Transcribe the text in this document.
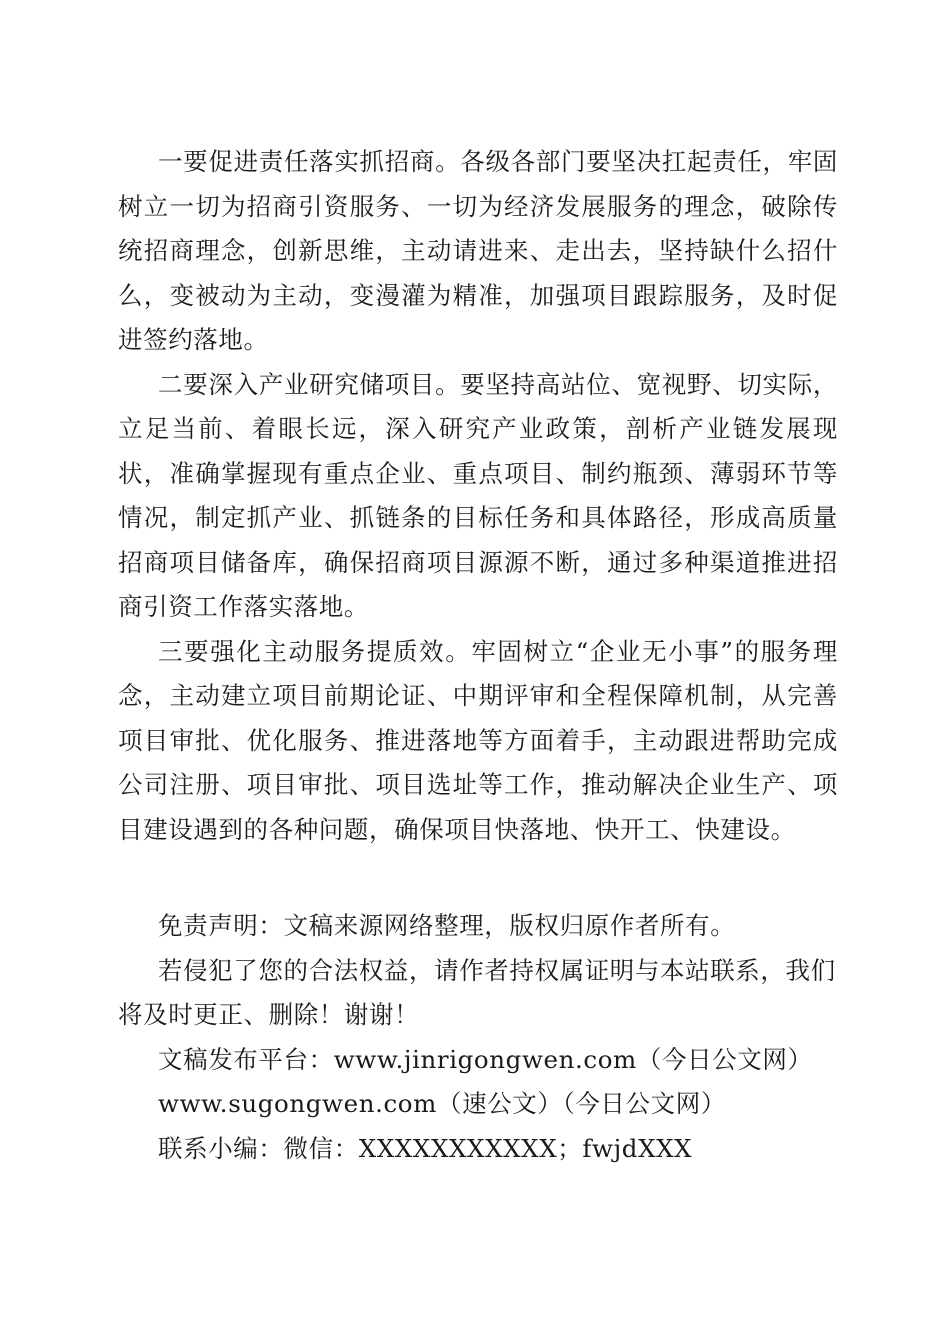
一要促进责任落实抓招商。各级各部门要坚决扛起责任，牢固树立一切为招商引资服务、一切为经济发展服务的理念，破除传统招商理念，创新思维，主动请进来、走出去，坚持缺什么招什么，变被动为主动，变漫灌为精准，加强项目跟踪服务，及时促进签约落地。

二要深入产业研究储项目。要坚持高站位、宽视野、切实际，立足当前、着眼长远，深入研究产业政策，剖析产业链发展现状，准确掌握现有重点企业、重点项目、制约瓶颈、薄弱环节等情况，制定抓产业、抓链条的目标任务和具体路径，形成高质量招商项目储备库，确保招商项目源源不断，通过多种渠道推进招商引资工作落实落地。

三要强化主动服务提质效。牢固树立“企业无小事”的服务理念，主动建立项目前期论证、中期评审和全程保障机制，从完善项目审批、优化服务、推进落地等方面着手，主动跟进帮助完成公司注册、项目审批、项目选址等工作，推动解决企业生产、项目建设遇到的各种问题，确保项目快落地、快开工、快建设。

免责声明：文稿来源网络整理，版权归原作者所有。

若侵犯了您的合法权益，请作者持权属证明与本站联系，我们将及时更正、删除！谢谢！

文稿发布平台：www.jinrigongwen.com（今日公文网）

www.sugongwen.com（速公文）（今日公文网）

联系小编：微信：XXXXXXXXXXX；fwjdXXX
